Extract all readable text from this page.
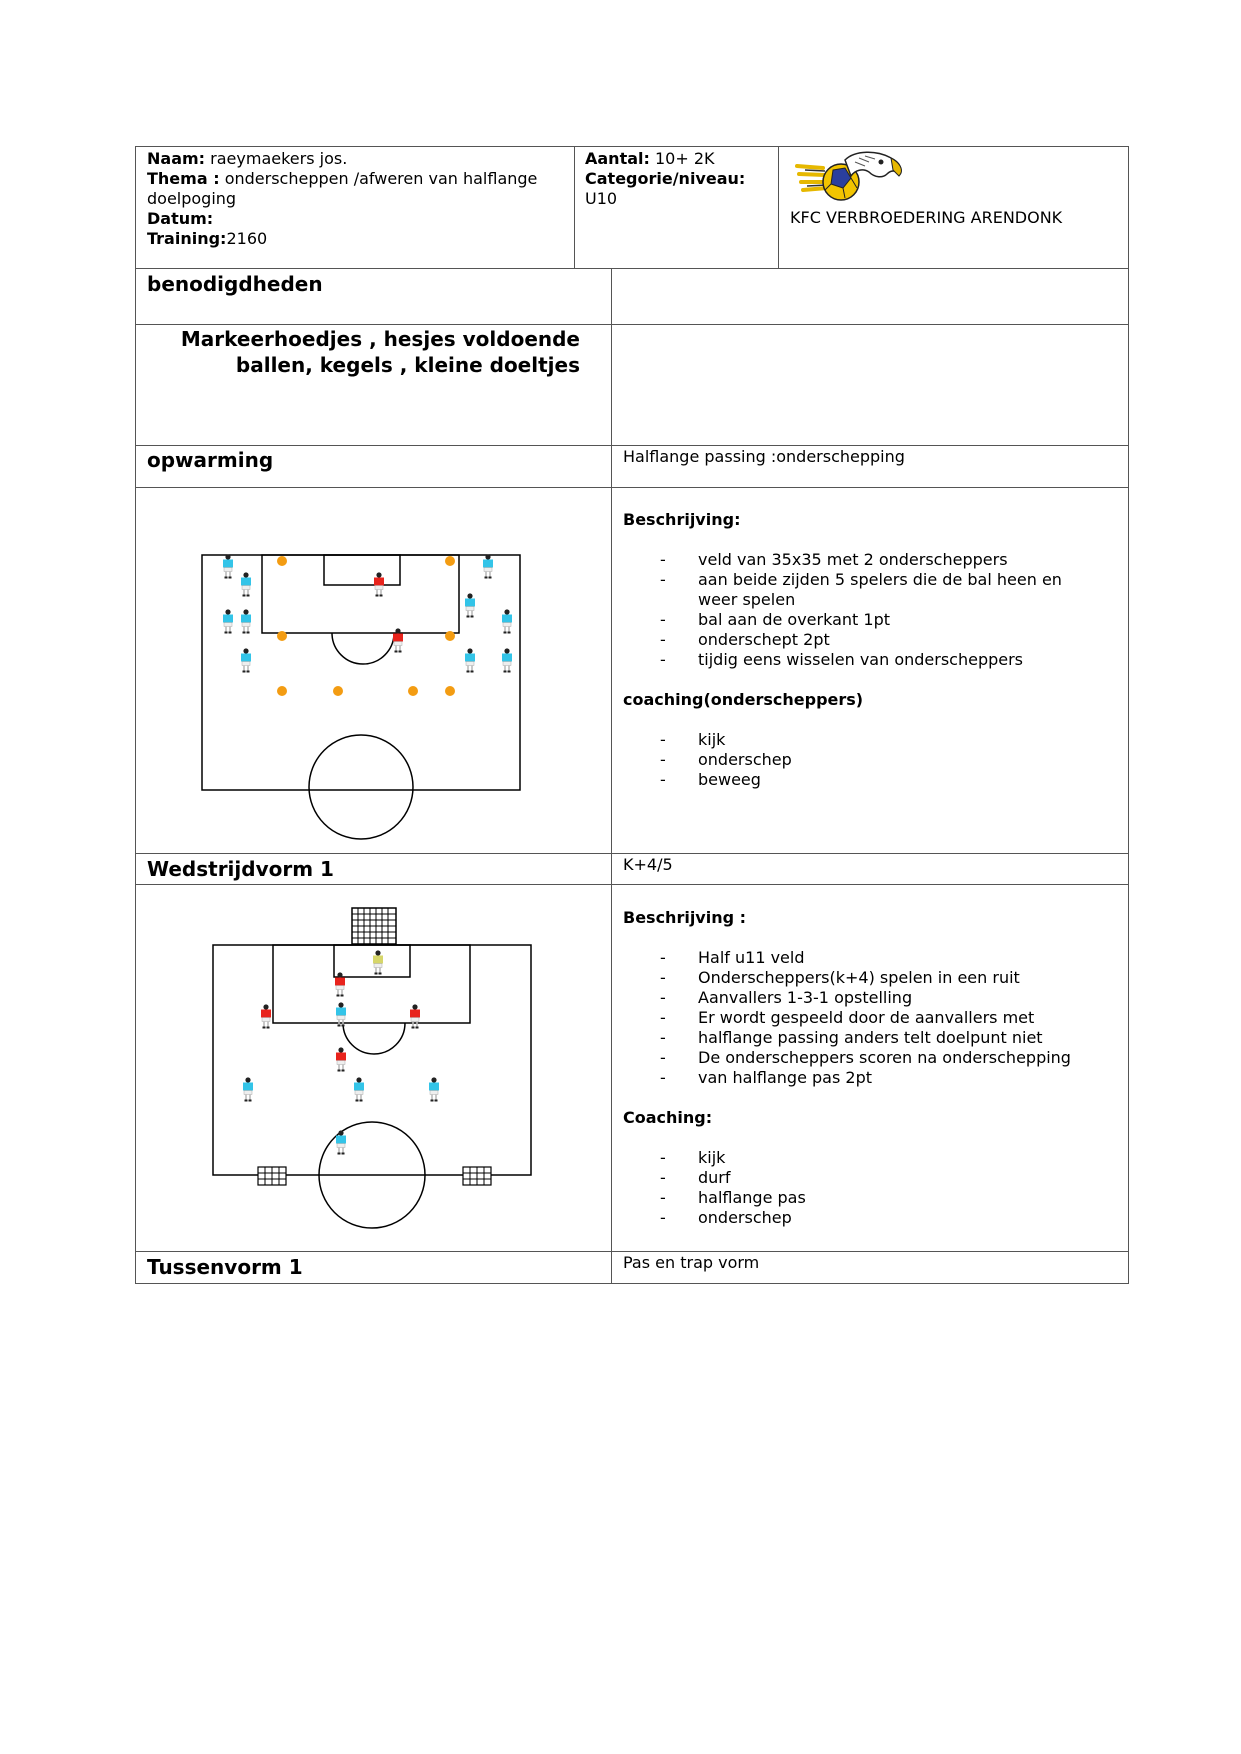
Naam: raeymaekers jos.
Thema : onderscheppen /afweren van halflange
doelpoging
Datum:
Training:2160
Aantal: 10+ 2K
Categorie/niveau:
U10
KFC VERBROEDERING ARENDONK
benodigdheden
Markeerhoedjes , hesjes voldoende
ballen, kegels , kleine doeltjes
opwarming	Halflange passing :onderschepping
Beschrijving:
- veld van 35x35 met 2 onderscheppers
- aan beide zijden 5 spelers die de bal heen en
weer spelen
- bal aan de overkant 1pt
- onderschept 2pt
- tijdig eens wisselen van onderscheppers
coaching(onderscheppers)
- kijk
- onderschep
- beweeg
Wedstrijdvorm 1	K+4/5
Beschrijving :
- Half u11 veld
- Onderscheppers(k+4) spelen in een ruit
- Aanvallers 1-3-1 opstelling
- Er wordt gespeeld door de aanvallers met
- halflange passing anders telt doelpunt niet
- De onderscheppers scoren na onderschepping
- van halflange pas 2pt
Coaching:
- kijk
- durf
- halflange pas
- onderschep
Tussenvorm 1	Pas en trap vorm
